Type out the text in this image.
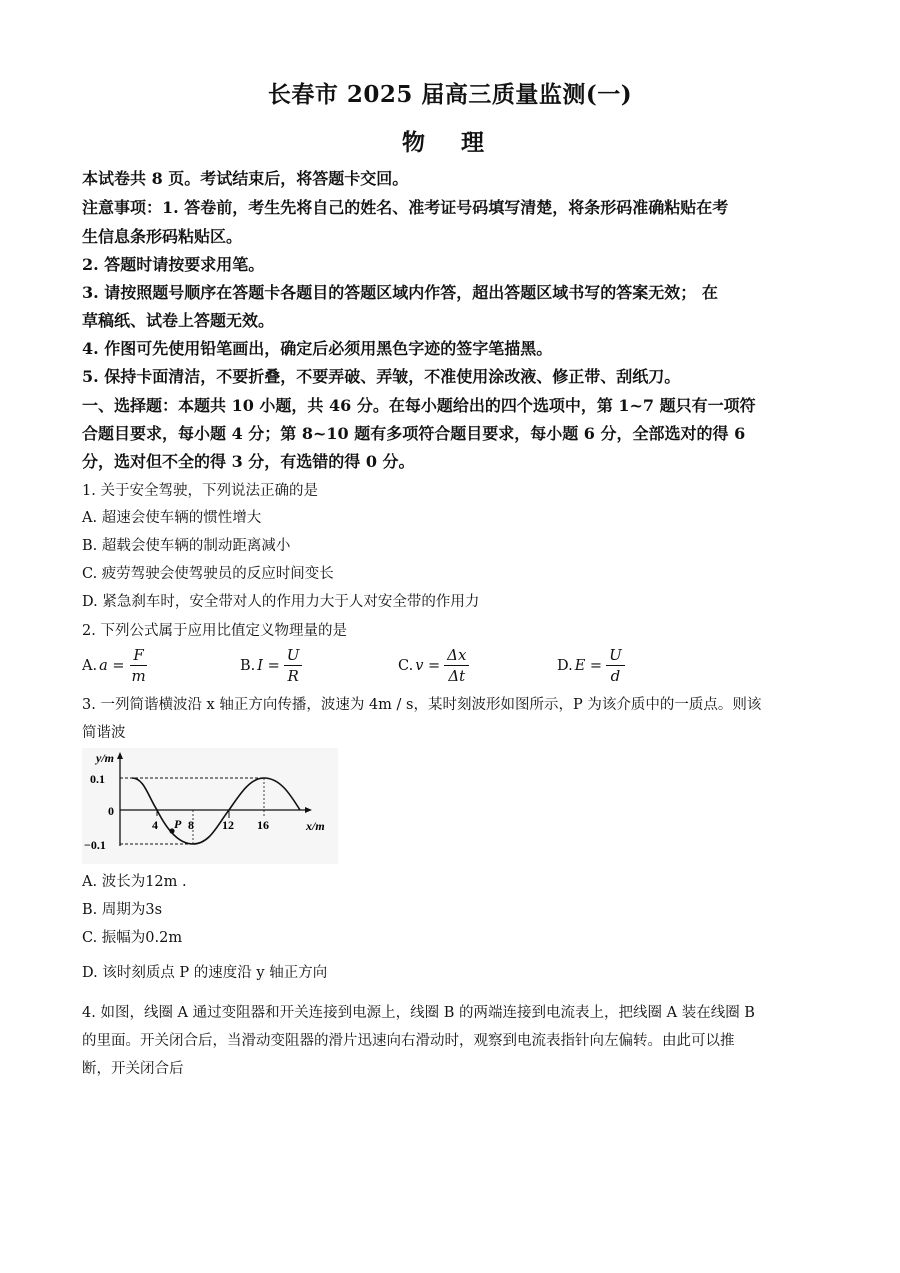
长春市 2025 届高三质量监测(一)
物 理
本试卷共 8 页。考试结束后，将答题卡交回。
注意事项：1. 答卷前，考生先将自己的姓名、准考证号码填写清楚，将条形码准确粘贴在考
生信息条形码粘贴区。
2. 答题时请按要求用笔。
3. 请按照题号顺序在答题卡各题目的答题区域内作答，超出答题区域书写的答案无效； 在
草稿纸、试卷上答题无效。
4. 作图可先使用铅笔画出，确定后必须用黑色字迹的签字笔描黑。
5. 保持卡面清洁，不要折叠，不要弄破、弄皱，不准使用涂改液、修正带、刮纸刀。
一、选择题：本题共 10 小题，共 46 分。在每小题给出的四个选项中，第 1~7 题只有一项符
合题目要求，每小题 4 分；第 8~10 题有多项符合题目要求，每小题 6 分，全部选对的得 6
分，选对但不全的得 3 分，有选错的得 0 分。
1. 关于安全驾驶，下列说法正确的是
A. 超速会使车辆的惯性增大
B. 超载会使车辆的制动距离减小
C. 疲劳驾驶会使驾驶员的反应时间变长
D. 紧急刹车时，安全带对人的作用力大于人对安全带的作用力
2. 下列公式属于应用比值定义物理量的是
A. $a = \frac{F}{m}$	B. $I = \frac{U}{R}$	C. $v = \frac{\Delta x}{\Delta t}$	D. $E = \frac{U}{d}$
3. 一列简谐横波沿 x 轴正方向传播，波速为 4m / s，某时刻波形如图所示，P 为该介质中的一质点。则该
简谐波
y/m
0.1
0
−0.1
4	8 12 16	x/m
P
A. 波长为12m .
B. 周期为3s
C. 振幅为0.2m
D. 该时刻质点 P 的速度沿 y 轴正方向
4. 如图，线圈 A 通过变阻器和开关连接到电源上，线圈 B 的两端连接到电流表上，把线圈 A 装在线圈 B
的里面。开关闭合后，当滑动变阻器的滑片迅速向右滑动时，观察到电流表指针向左偏转。由此可以推
断，开关闭合后
